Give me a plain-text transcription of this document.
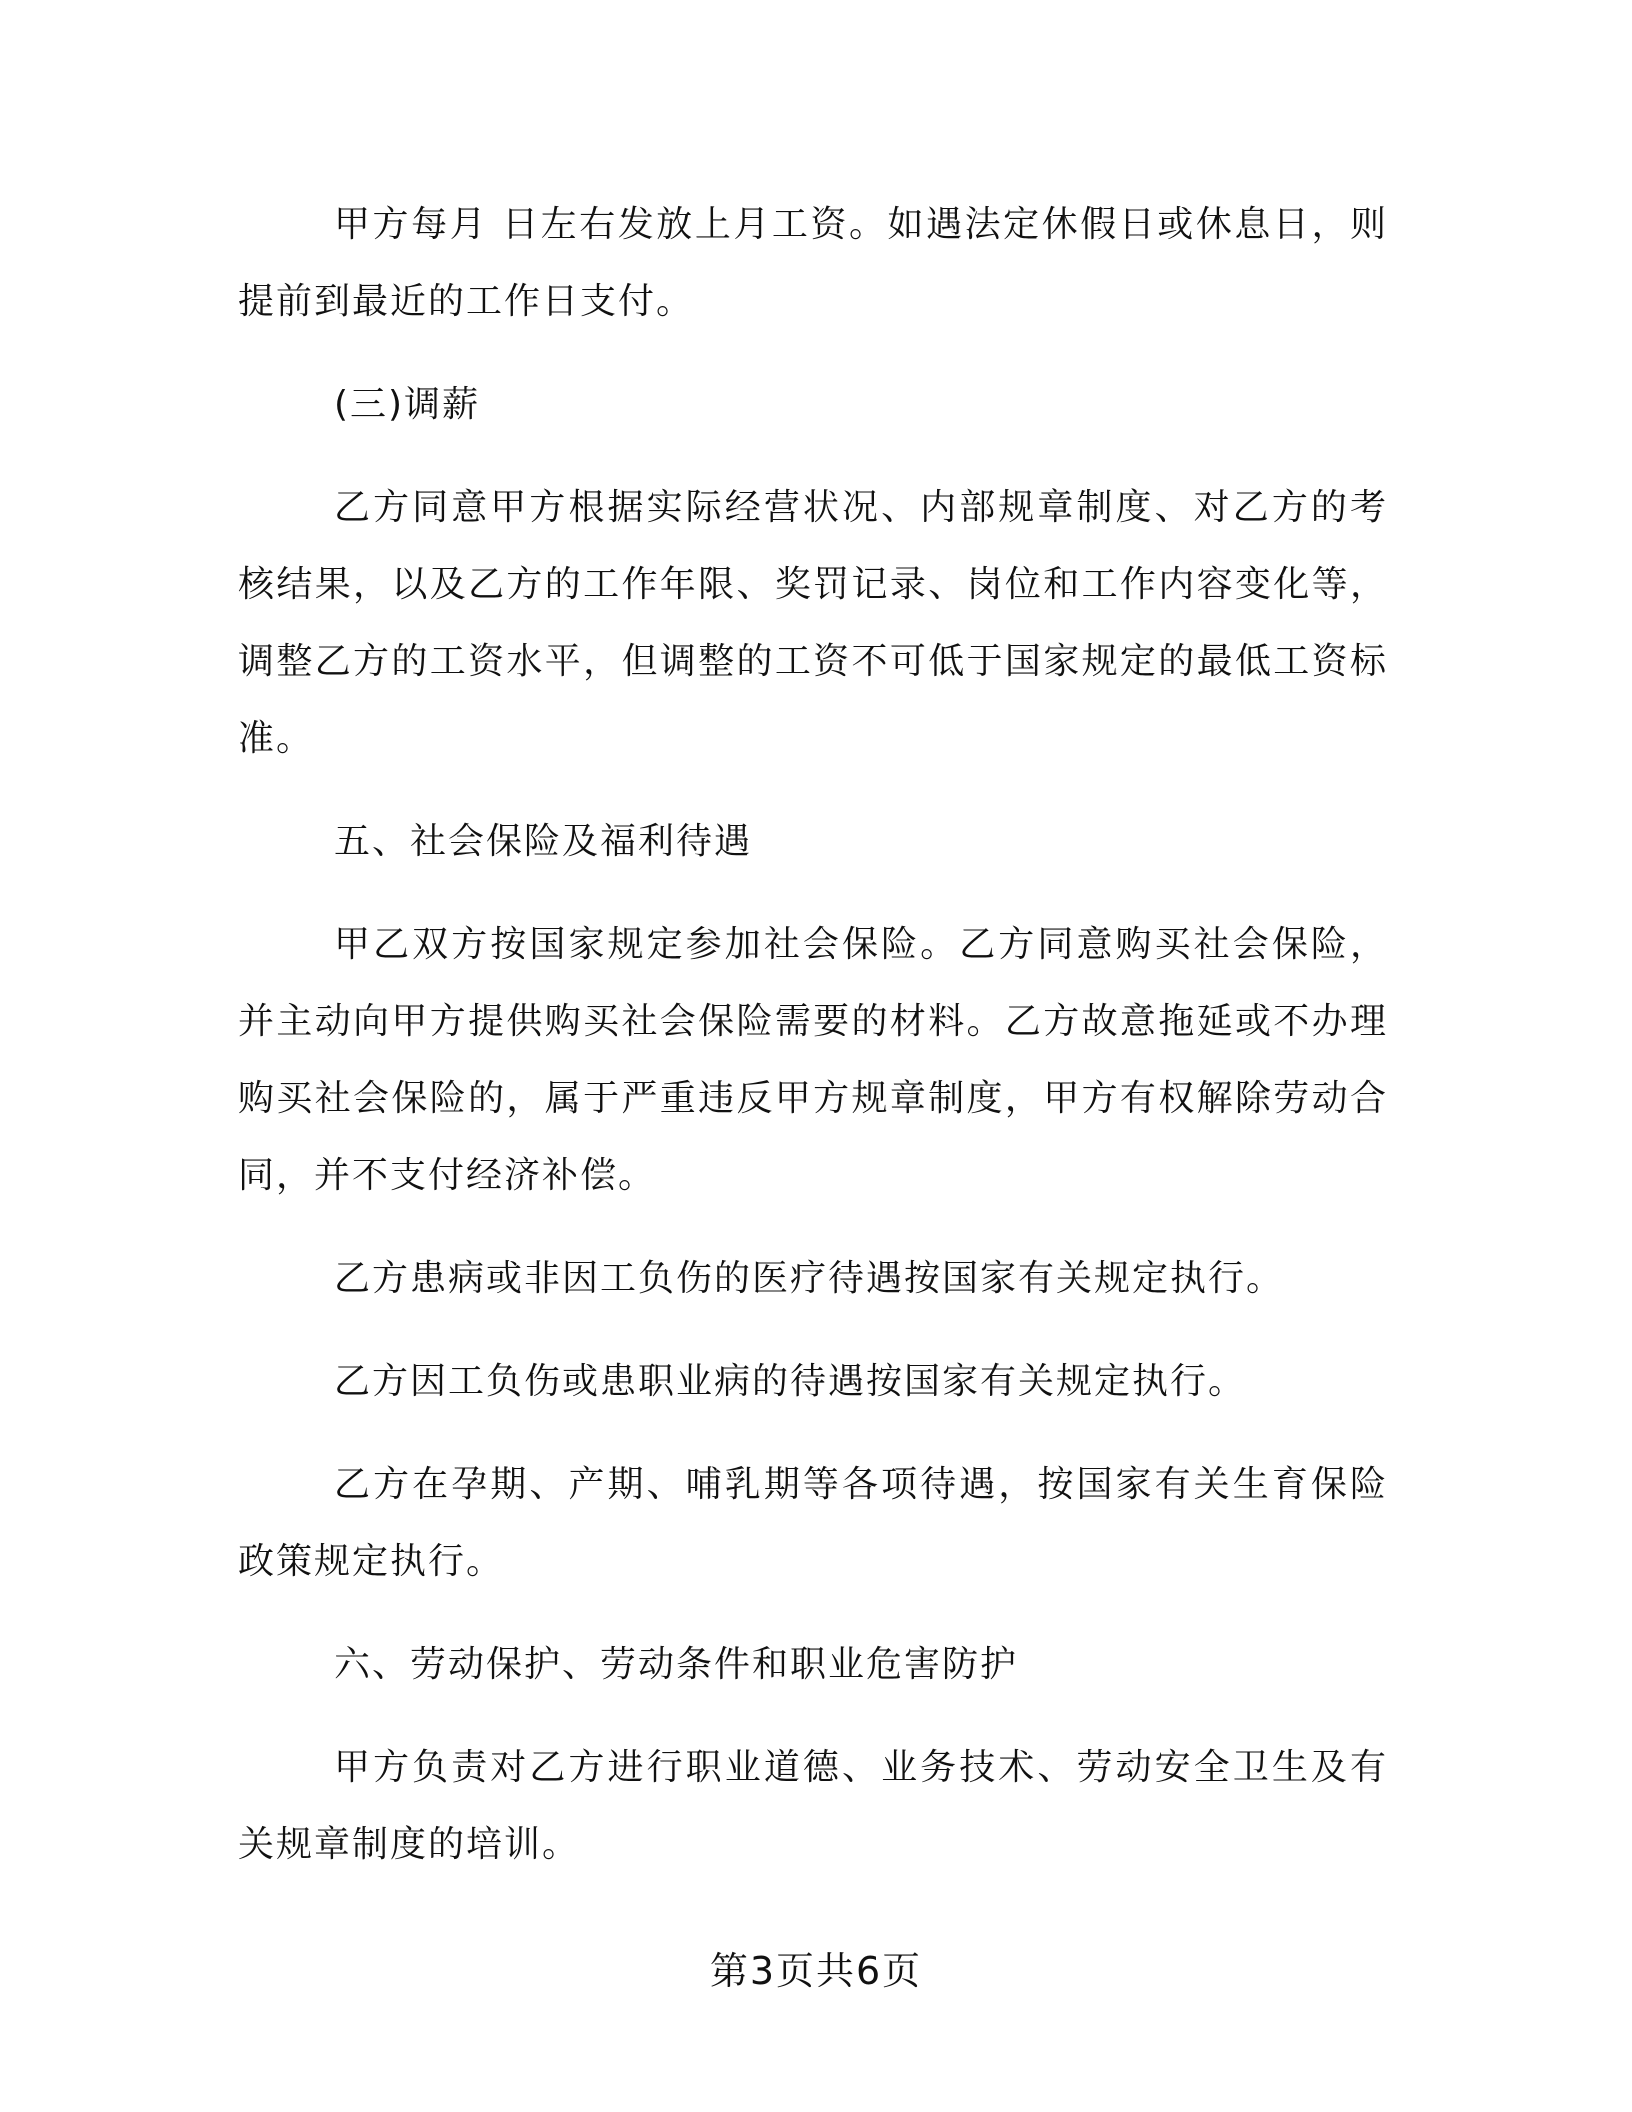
甲方每月 日左右发放上月工资。如遇法定休假日或休息日，则提前到最近的工作日支付。

(三)调薪

乙方同意甲方根据实际经营状况、内部规章制度、对乙方的考核结果，以及乙方的工作年限、奖罚记录、岗位和工作内容变化等，调整乙方的工资水平，但调整的工资不可低于国家规定的最低工资标准。

五、社会保险及福利待遇

甲乙双方按国家规定参加社会保险。乙方同意购买社会保险，并主动向甲方提供购买社会保险需要的材料。乙方故意拖延或不办理购买社会保险的，属于严重违反甲方规章制度，甲方有权解除劳动合同，并不支付经济补偿。

乙方患病或非因工负伤的医疗待遇按国家有关规定执行。

乙方因工负伤或患职业病的待遇按国家有关规定执行。

乙方在孕期、产期、哺乳期等各项待遇，按国家有关生育保险政策规定执行。

六、劳动保护、劳动条件和职业危害防护

甲方负责对乙方进行职业道德、业务技术、劳动安全卫生及有关规章制度的培训。

第3页共6页
